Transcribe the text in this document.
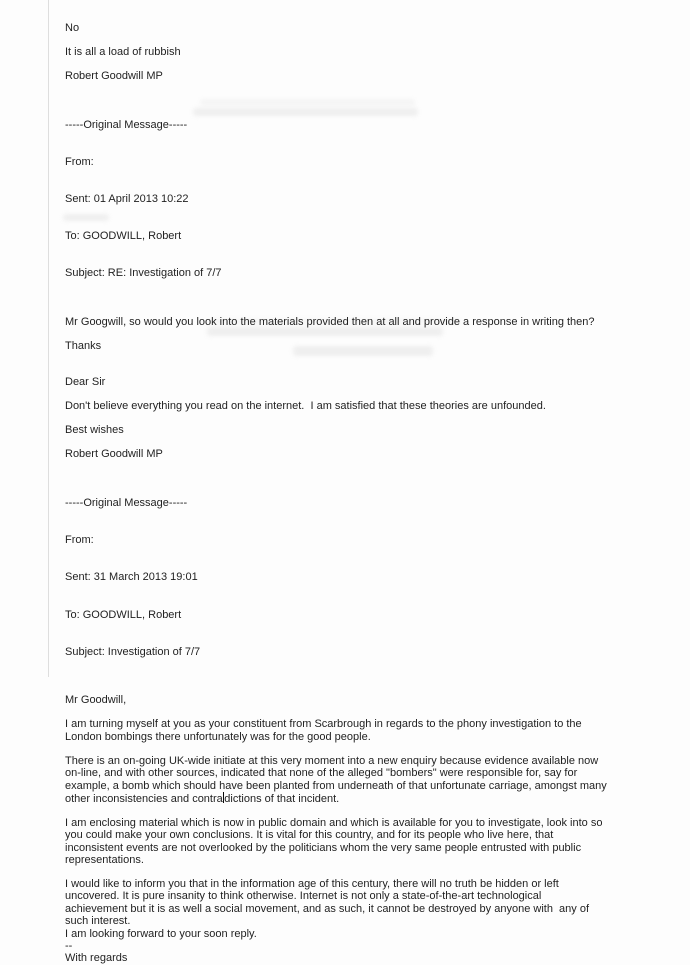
No
It is all a load of rubbish
Robert Goodwill MP

-----Original Message-----

From:

Sent: 01 April 2013 10:22

To: GOODWILL, Robert

Subject: RE: Investigation of 7/7

Mr Googwill, so would you look into the materials provided then at all and provide a response in writing then?
Thanks
Dear Sir
Don't believe everything you read on the internet.  I am satisfied that these theories are unfounded.
Best wishes
Robert Goodwill MP

-----Original Message-----

From:

Sent: 31 March 2013 19:01

To: GOODWILL, Robert

Subject: Investigation of 7/7

Mr Goodwill,
I am turning myself at you as your constituent from Scarbrough in regards to the phony investigation to the
London bombings there unfortunately was for the good people.
There is an on-going UK-wide initiate at this very moment into a new enquiry because evidence available now
on-line, and with other sources, indicated that none of the alleged "bombers" were responsible for, say for
example, a bomb which should have been planted from underneath of that unfortunate carriage, amongst many
other inconsistencies and contra dictions of that incident.
I am enclosing material which is now in public domain and which is available for you to investigate, look into so
you could make your own conclusions. It is vital for this country, and for its people who live here, that
inconsistent events are not overlooked by the politicians whom the very same people entrusted with public
representations.
I would like to inform you that in the information age of this century, there will no truth be hidden or left
uncovered. It is pure insanity to think otherwise. Internet is not only a state-of-the-art technological
achievement but it is as well a social movement, and as such, it cannot be destroyed by anyone with  any of
such interest.
I am looking forward to your soon reply.
--
With regards
